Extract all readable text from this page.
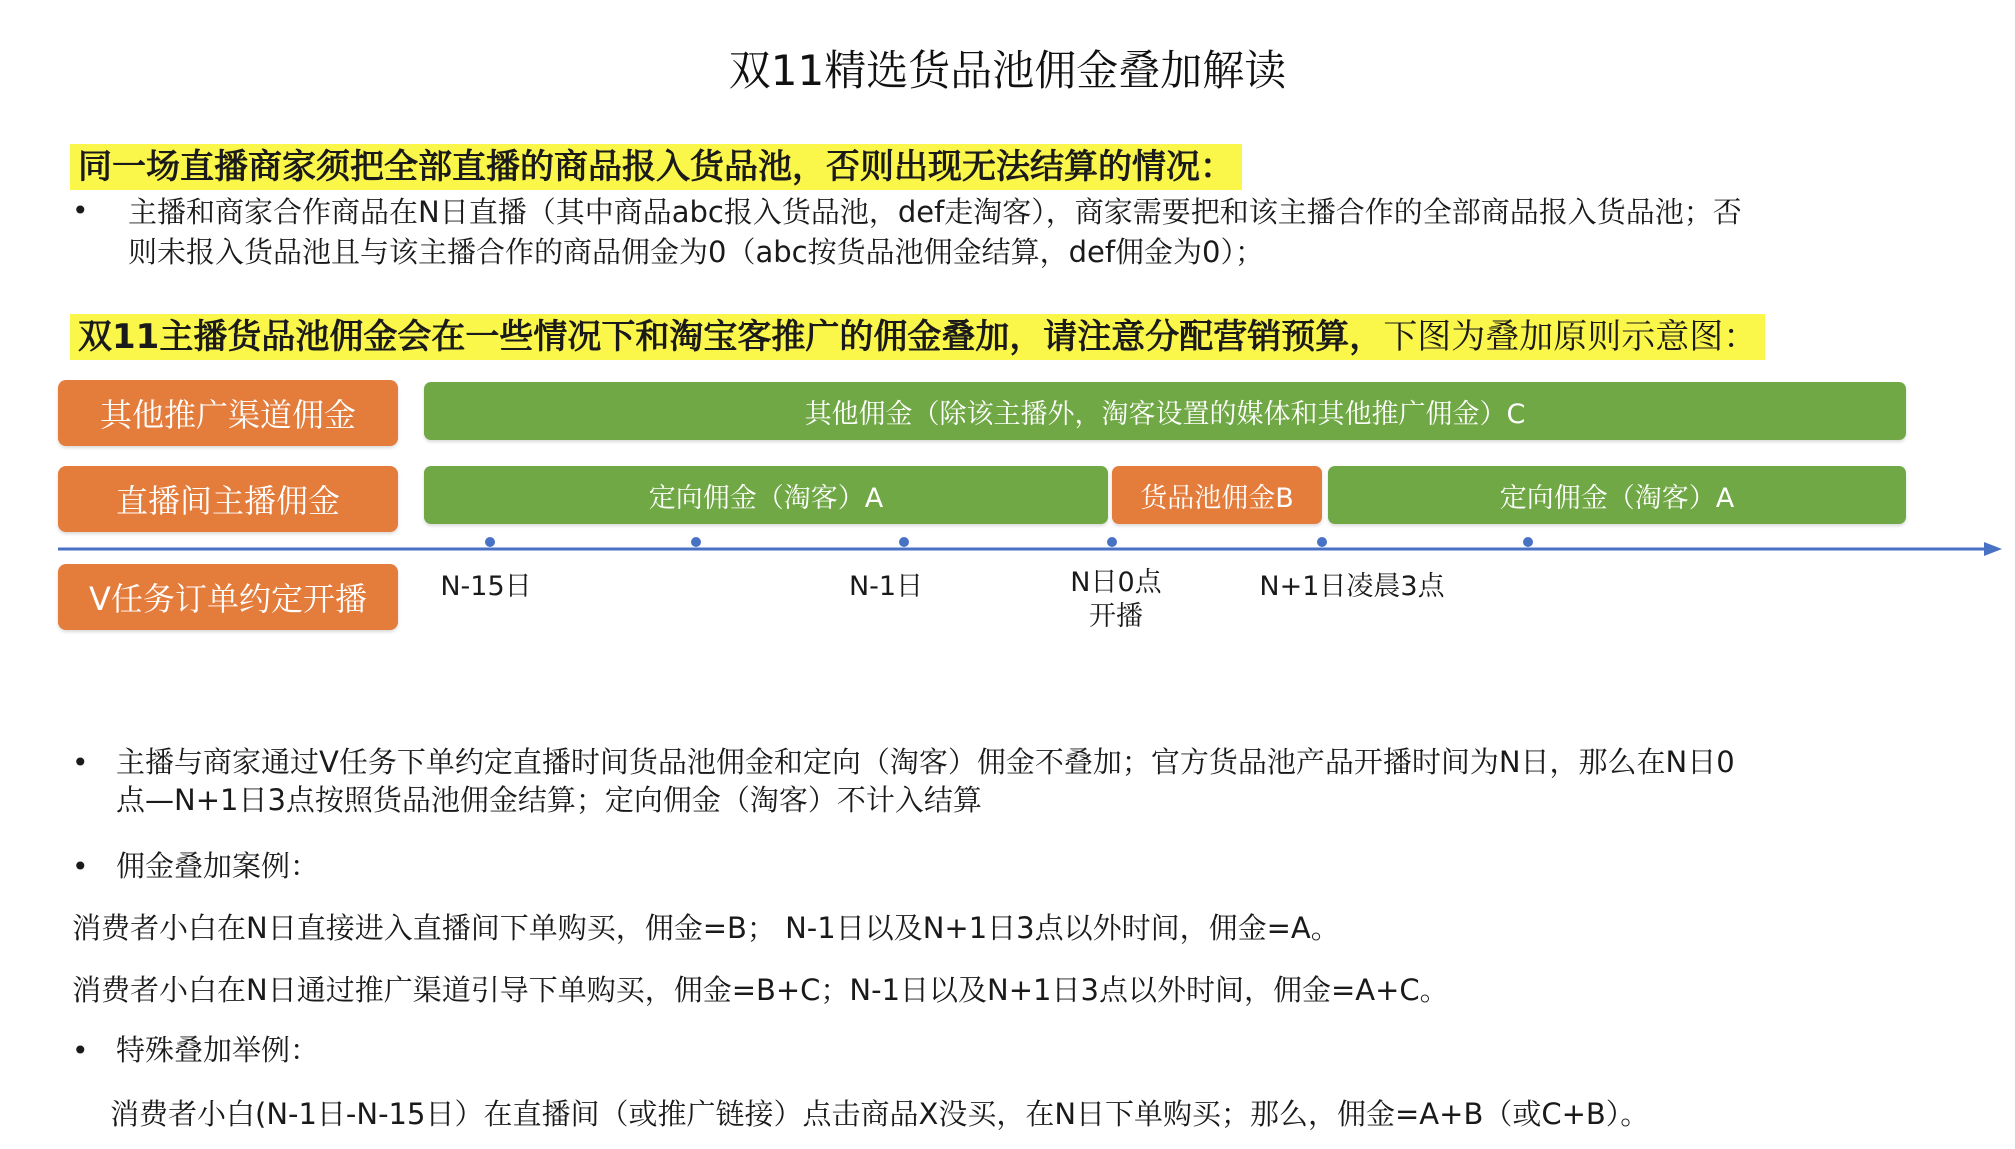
双11精选货品池佣金叠加解读
同一场直播商家须把全部直播的商品报入货品池，否则出现无法结算的情况：
• 主播和商家合作商品在N日直播（其中商品abc报入货品池，def走淘客），商家需要把和该主播合作的全部商品报入货品池；否
则未报入货品池且与该主播合作的商品佣金为0（abc按货品池佣金结算，def佣金为0）；
双11主播货品池佣金会在一些情况下和淘宝客推广的佣金叠加，请注意分配营销预算，下图为叠加原则示意图：
其他推广渠道佣金
直播间主播佣金
V任务订单约定开播
其他佣金（除该主播外，淘客设置的媒体和其他推广佣金）C
定向佣金（淘客）A	货品池佣金B	定向佣金（淘客）A
N-15日	N-1日	N日0点
开播
N+1日凌晨3点
• 主播与商家通过V任务下单约定直播时间货品池佣金和定向（淘客）佣金不叠加；官方货品池产品开播时间为N日，那么在N日0
点—N+1日3点按照货品池佣金结算；定向佣金（淘客）不计入结算
• 佣金叠加案例：
消费者小白在N日直接进入直播间下单购买，佣金=B； N-1日以及N+1日3点以外时间，佣金=A。
消费者小白在N日通过推广渠道引导下单购买，佣金=B+C；N-1日以及N+1日3点以外时间，佣金=A+C。
• 特殊叠加举例：
消费者小白(N-1日-N-15日）在直播间（或推广链接）点击商品X没买，在N日下单购买；那么，佣金=A+B（或C+B）。
